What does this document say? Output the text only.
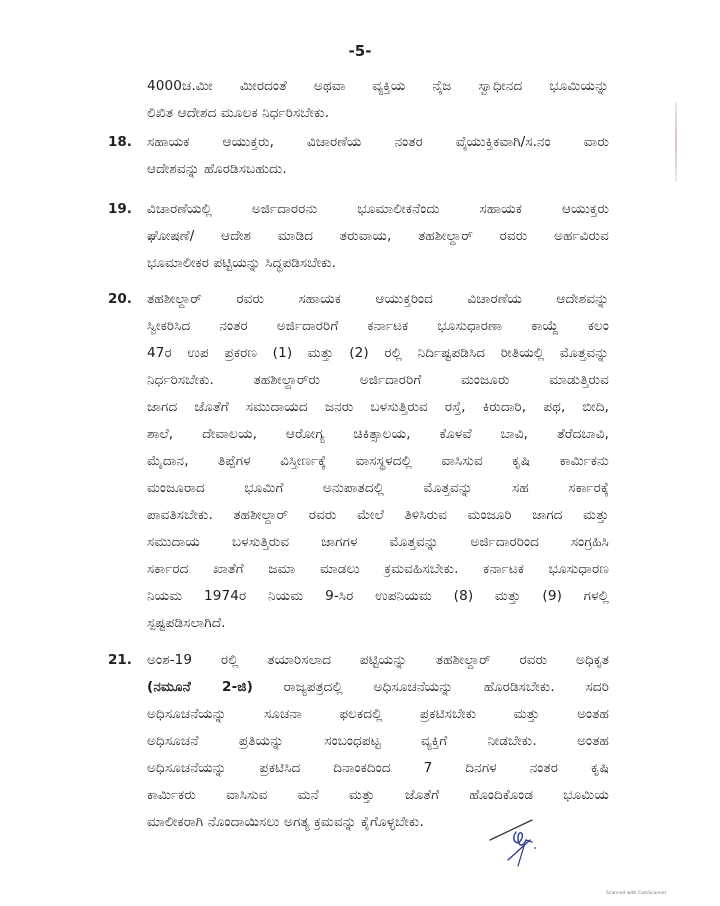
-5-
4000ಚ.ಮೀ ಮೀರದಂತೆ ಅಥವಾ ವ್ಯಕ್ತಿಯ ನೈಜ ಸ್ವಾಧೀನದ ಭೂಮಿಯನ್ನು
ಲಿಖಿತ ಆದೇಶದ ಮೂಲಕ ನಿರ್ಧರಿಸಬೇಕು.
18. ಸಹಾಯಕ ಆಯುಕ್ತರು, ವಿಚಾರಣೆಯ ನಂತರ ವೈಯುಕ್ತಿಕವಾಗಿ/ಸ.ನಂ ವಾರು
ಆದೇಶವನ್ನು ಹೊರಡಿಸಬಹುದು.
19. ವಿಚಾರಣೆಯಲ್ಲಿ ಅರ್ಜಿದಾರರನು ಭೂಮಾಲೀಕನೆಂದು ಸಹಾಯಕ ಆಯುಕ್ತರು
ಘೋಷಣೆ/ ಆದೇಶ ಮಾಡಿದ ತರುವಾಯ, ತಹಶೀಲ್ದಾರ್ ರವರು ಅರ್ಹವಿರುವ
ಭೂಮಾಲೀಕರ ಪಟ್ಟಿಯನ್ನು ಸಿದ್ಧಪಡಿಸಬೇಕು.
20. ತಹಶೀಲ್ದಾರ್ ರವರು ಸಹಾಯಕ ಆಯುಕ್ತರಿಂದ ವಿಚಾರಣೆಯ ಆದೇಶವನ್ನು
ಸ್ವೀಕರಿಸಿದ ನಂತರ ಅರ್ಜಿದಾರರಿಗೆ ಕರ್ನಾಟಕ ಭೂಸುಧಾರಣಾ ಕಾಯ್ದೆ ಕಲಂ
47ರ ಉಪ ಪ್ರಕರಣ (1) ಮತ್ತು (2) ರಲ್ಲಿ ನಿರ್ದಿಷ್ಟಪಡಿಸಿದ ರೀತಿಯಲ್ಲಿ ಮೊತ್ತವನ್ನು
ನಿರ್ಧರಿಸಬೇಕು. ತಹಶೀಲ್ದಾರ್‌ರು ಅರ್ಜಿದಾರರಿಗೆ ಮಂಜೂರು ಮಾಡುತ್ತಿರುವ
ಜಾಗದ ಜೊತೆಗೆ ಸಮುದಾಯದ ಜನರು ಬಳಸುತ್ತಿರುವ ರಸ್ತೆ, ಕಿರುದಾರಿ, ಪಥ, ಬೀದಿ,
ಶಾಲೆ, ದೇವಾಲಯ, ಆರೋಗ್ಯ ಚಿಕಿತ್ಸಾಲಯ, ಕೊಳವೆ ಬಾವಿ, ತೆರೆದಬಾವಿ,
ಮೈದಾನ, ತಿಪ್ಪೆಗಳ ವಿಸ್ತೀರ್ಣಕ್ಕೆ ವಾಸಸ್ಥಳದಲ್ಲಿ ವಾಸಿಸುವ ಕೃಷಿ ಕಾರ್ಮಿಕನು
ಮಂಜೂರಾದ ಭೂಮಿಗೆ ಅನುಪಾತದಲ್ಲಿ ಮೊತ್ತವನ್ನು ಸಹ ಸರ್ಕಾರಕ್ಕೆ
ಪಾವತಿಸಬೇಕು. ತಹಶೀಲ್ದಾರ್ ರವರು ಮೇಲೆ ತಿಳಿಸಿರುವ ಮಂಜೂರಿ ಜಾಗದ ಮತ್ತು
ಸಮುದಾಯ ಬಳಸುತ್ತಿರುವ ಜಾಗಗಳ ಮೊತ್ತವನ್ನು ಅರ್ಜಿದಾರರಿಂದ ಸಂಗ್ರಹಿಸಿ
ಸರ್ಕಾರದ ಖಾತೆಗೆ ಜಮಾ ಮಾಡಲು ಕ್ರಮವಹಿಸಬೇಕು. ಕರ್ನಾಟಕ ಭೂಸುಧಾರಣ
ನಿಯಮ 1974ರ ನಿಯಮ 9-ಸಿರ ಉಪನಿಯಮ (8) ಮತ್ತು (9) ಗಳಲ್ಲಿ
ಸ್ಪಷ್ಟಪಡಿಸಲಾಗಿದೆ.
21. ಅಂಶ-19 ರಲ್ಲಿ ತಯಾರಿಸಲಾದ ಪಟ್ಟಿಯನ್ನು ತಹಶೀಲ್ದಾರ್ ರವರು ಅಧಿಕೃತ
(ನಮೂನೆ 2-ಜಿ) ರಾಜ್ಯಪತ್ರದಲ್ಲಿ ಅಧಿಸೂಚನೆಯನ್ನು ಹೊರಡಿಸಬೇಕು. ಸದರಿ
ಅಧಿಸೂಚನೆಯನ್ನು ಸೂಚನಾ ಫಲಕದಲ್ಲಿ ಪ್ರಕಟಿಸಬೇಕು ಮತ್ತು ಅಂತಹ
ಅಧಿಸೂಚನೆ ಪ್ರತಿಯನ್ನು ಸಂಬಂಧಪಟ್ಟ ವ್ಯಕ್ತಿಗೆ ನೀಡಬೇಕು. ಅಂತಹ
ಅಧಿಸೂಚನೆಯನ್ನು ಪ್ರಕಟಿಸಿದ ದಿನಾಂಕದಿಂದ 7 ದಿನಗಳ ನಂತರ ಕೃಷಿ
ಕಾರ್ಮಿಕರು ವಾಸಿಸುವ ಮನೆ ಮತ್ತು ಜೊತೆಗೆ ಹೊಂದಿಕೊಂಡ ಭೂಮಿಯ
ಮಾಲೀಕರಾಗಿ ನೊಂದಾಯಿಸಲು ಅಗತ್ಯ ಕ್ರಮವನ್ನು ಕೈಗೊಳ್ಳಬೇಕು.
Scanned with CamScanner
